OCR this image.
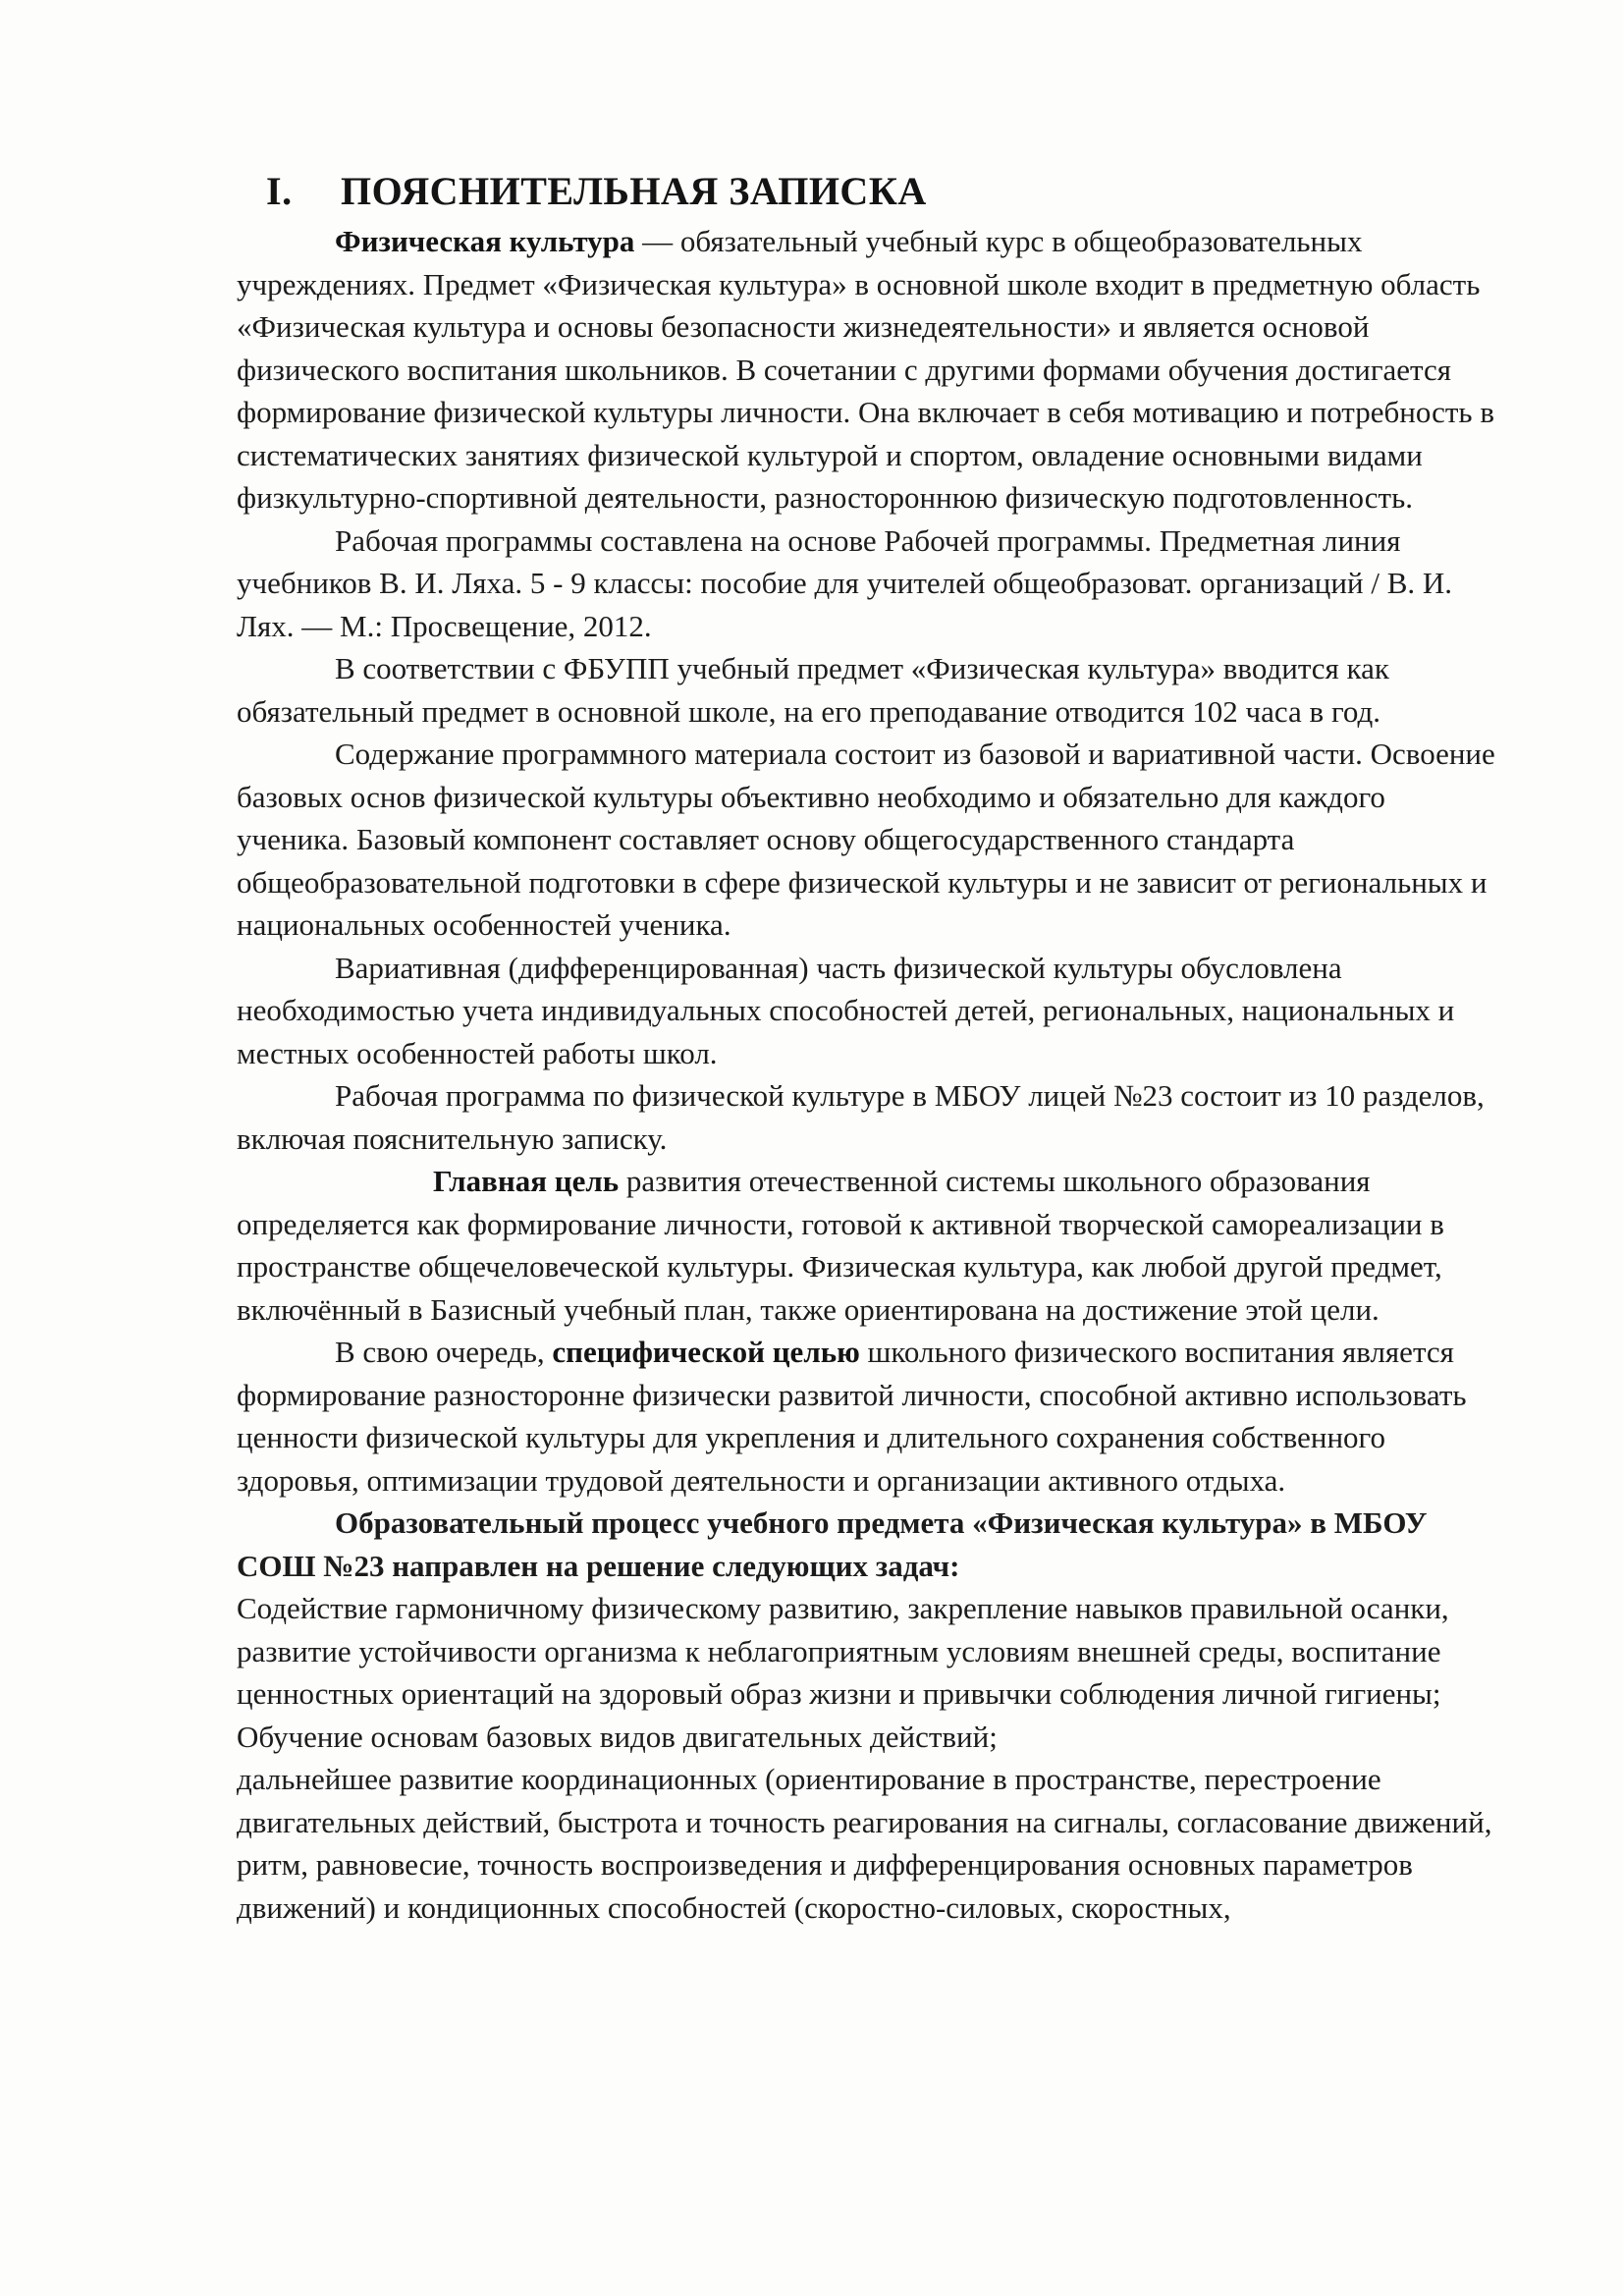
I. ПОЯСНИТЕЛЬНАЯ ЗАПИСКА

Физическая культура — обязательный учебный курс в общеобразовательных учреждениях. Предмет «Физическая культура» в основной школе входит в предметную область «Физическая культура и основы безопасности жизнедеятельности» и является основой физического воспитания школьников. В сочетании с другими формами обучения достигается формирование физической культуры личности. Она включает в себя мотивацию и потребность в систематических занятиях физической культурой и спортом, овладение основными видами физкультурно-спортивной деятельности, разностороннюю физическую подготовленность.

Рабочая программы составлена на основе Рабочей программы. Предметная линия учебников В. И. Ляха. 5 - 9 классы: пособие для учителей общеобразоват. организаций / В. И. Лях. — М.: Просвещение, 2012.

В соответствии с ФБУПП учебный предмет «Физическая культура» вводится как обязательный предмет в основной школе, на его преподавание отводится 102 часа в год.

Содержание программного материала состоит из базовой и вариативной части. Освоение базовых основ физической культуры объективно необходимо и обязательно для каждого ученика. Базовый компонент составляет основу общегосударственного стандарта общеобразовательной подготовки в сфере физической культуры и не зависит от региональных и национальных особенностей ученика.

Вариативная (дифференцированная) часть физической культуры обусловлена необходимостью учета индивидуальных способностей детей, региональных, национальных и местных особенностей работы школ.

Рабочая программа по физической культуре в МБОУ лицей №23 состоит из 10 разделов, включая пояснительную записку.

Главная цель развития отечественной системы школьного образования определяется как формирование личности, готовой к активной творческой самореализации в пространстве общечеловеческой культуры. Физическая культура, как любой другой предмет, включённый в Базисный учебный план, также ориентирована на достижение этой цели.

В свою очередь, специфической целью школьного физического воспитания является формирование разносторонне физически развитой личности, способной активно использовать ценности физической культуры для укрепления и длительного сохранения собственного здоровья, оптимизации трудовой деятельности и организации активного отдыха.

Образовательный процесс учебного предмета «Физическая культура» в МБОУ СОШ №23 направлен на решение следующих задач:

Содействие гармоничному физическому развитию, закрепление навыков правильной осанки, развитие устойчивости организма к неблагоприятным условиям внешней среды, воспитание ценностных ориентаций на здоровый образ жизни и привычки соблюдения личной гигиены;

Обучение основам базовых видов двигательных действий;

дальнейшее развитие координационных (ориентирование в пространстве, перестроение двигательных действий, быстрота и точность реагирования на сигналы, согласование движений, ритм, равновесие, точность воспроизведения и дифференцирования основных параметров движений) и кондиционных способностей (скоростно-силовых, скоростных,
